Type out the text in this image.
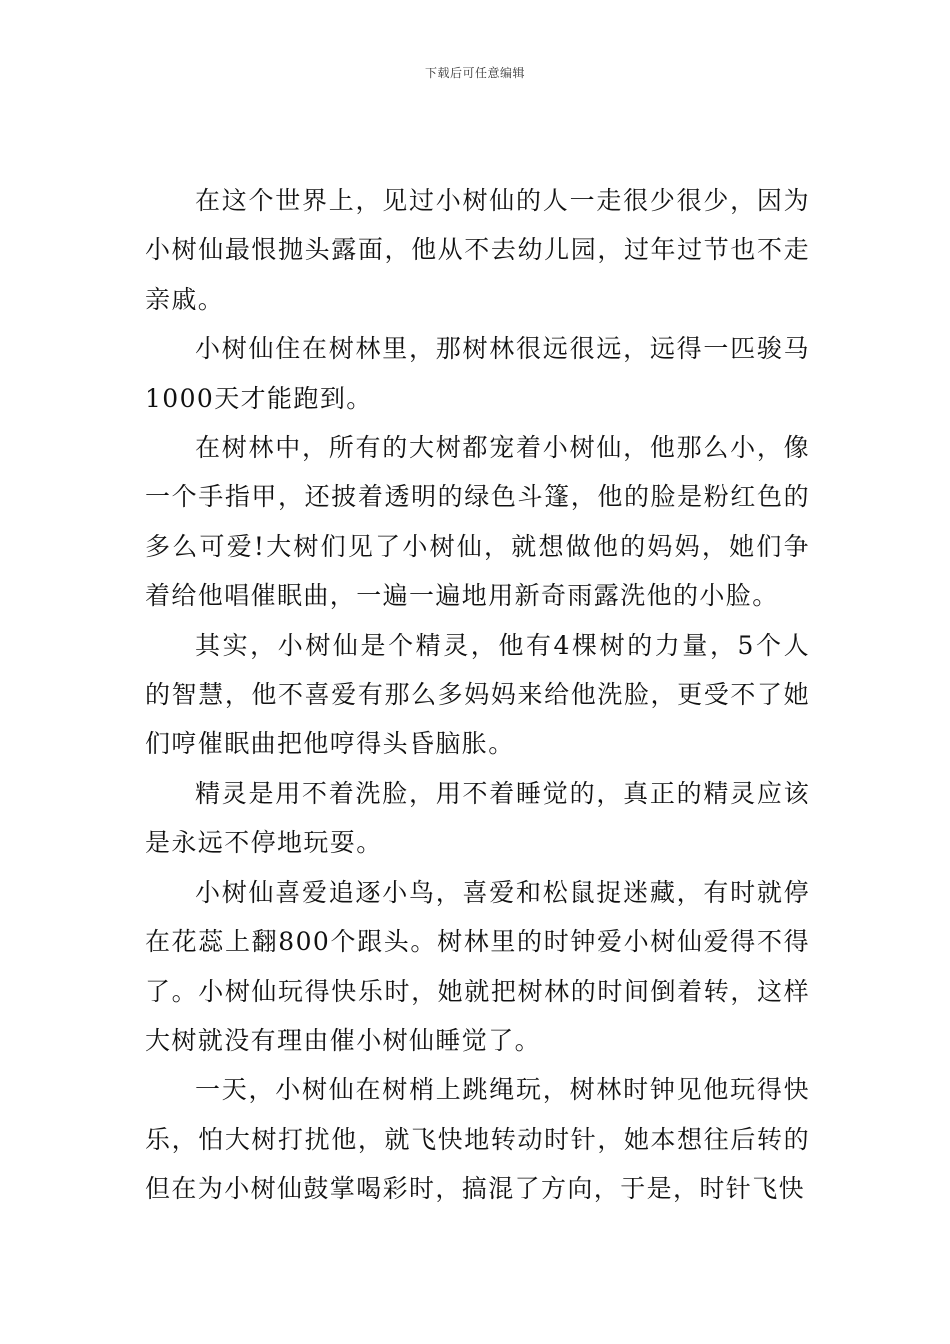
下载后可任意编辑

在这个世界上，见过小树仙的人一走很少很少，因为小树仙最恨抛头露面，他从不去幼儿园，过年过节也不走亲戚。

小树仙住在树林里，那树林很远很远，远得一匹骏马1000天才能跑到。

在树林中，所有的大树都宠着小树仙，他那么小，像一个手指甲，还披着透明的绿色斗篷，他的脸是粉红色的多么可爱!大树们见了小树仙，就想做他的妈妈，她们争着给他唱催眠曲，一遍一遍地用新奇雨露洗他的小脸。

其实，小树仙是个精灵，他有4棵树的力量，5个人的智慧，他不喜爱有那么多妈妈来给他洗脸，更受不了她们哼催眠曲把他哼得头昏脑胀。

精灵是用不着洗脸，用不着睡觉的，真正的精灵应该是永远不停地玩耍。

小树仙喜爱追逐小鸟，喜爱和松鼠捉迷藏，有时就停在花蕊上翻800个跟头。树林里的时钟爱小树仙爱得不得了。小树仙玩得快乐时，她就把树林的时间倒着转，这样大树就没有理由催小树仙睡觉了。

一天，小树仙在树梢上跳绳玩，树林时钟见他玩得快乐，怕大树打扰他，就飞快地转动时针，她本想往后转的但在为小树仙鼓掌喝彩时，搞混了方向，于是，时针飞快
